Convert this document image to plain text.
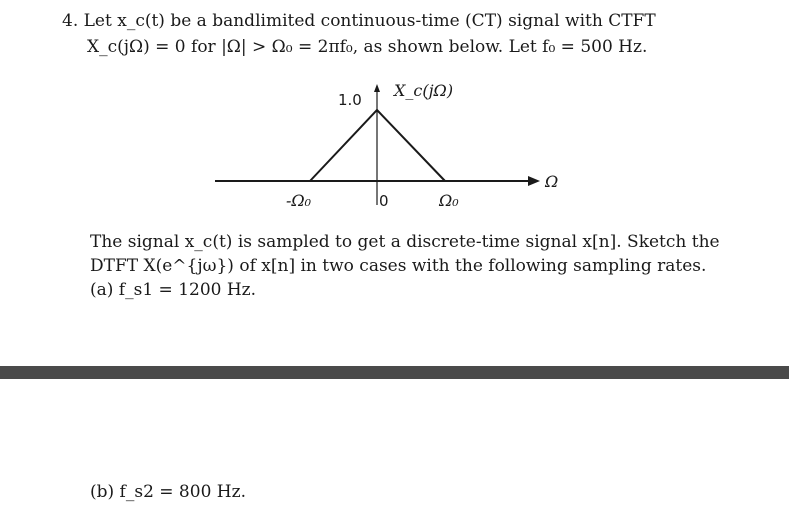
4. Let x_c(t) be a bandlimited continuous-time (CT) signal with CTFT
X_c(jΩ) = 0 for |Ω| > Ω₀ = 2πf₀, as shown below. Let f₀ = 500 Hz.
1.0 X_c(jΩ)
Ω
-Ω₀	0	Ω₀
The signal x_c(t) is sampled to get a discrete-time signal x[n]. Sketch the
DTFT X(e^{jω}) of x[n] in two cases with the following sampling rates.
(a) f_s1 = 1200 Hz.
(b) f_s2 = 800 Hz.
